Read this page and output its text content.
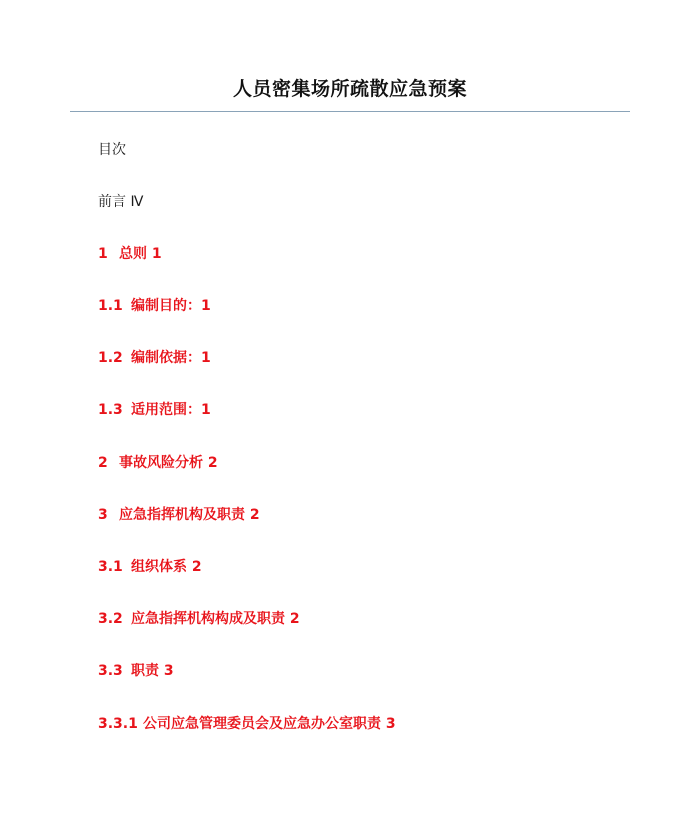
人员密集场所疏散应急预案
目次
前言 Ⅳ
1 总则 1
1.1 编制目的：1
1.2 编制依据：1
1.3 适用范围：1
2 事故风险分析 2
3 应急指挥机构及职责 2
3.1 组织体系 2
3.2 应急指挥机构构成及职责 2
3.3 职责 3
3.3.1 公司应急管理委员会及应急办公室职责 3
